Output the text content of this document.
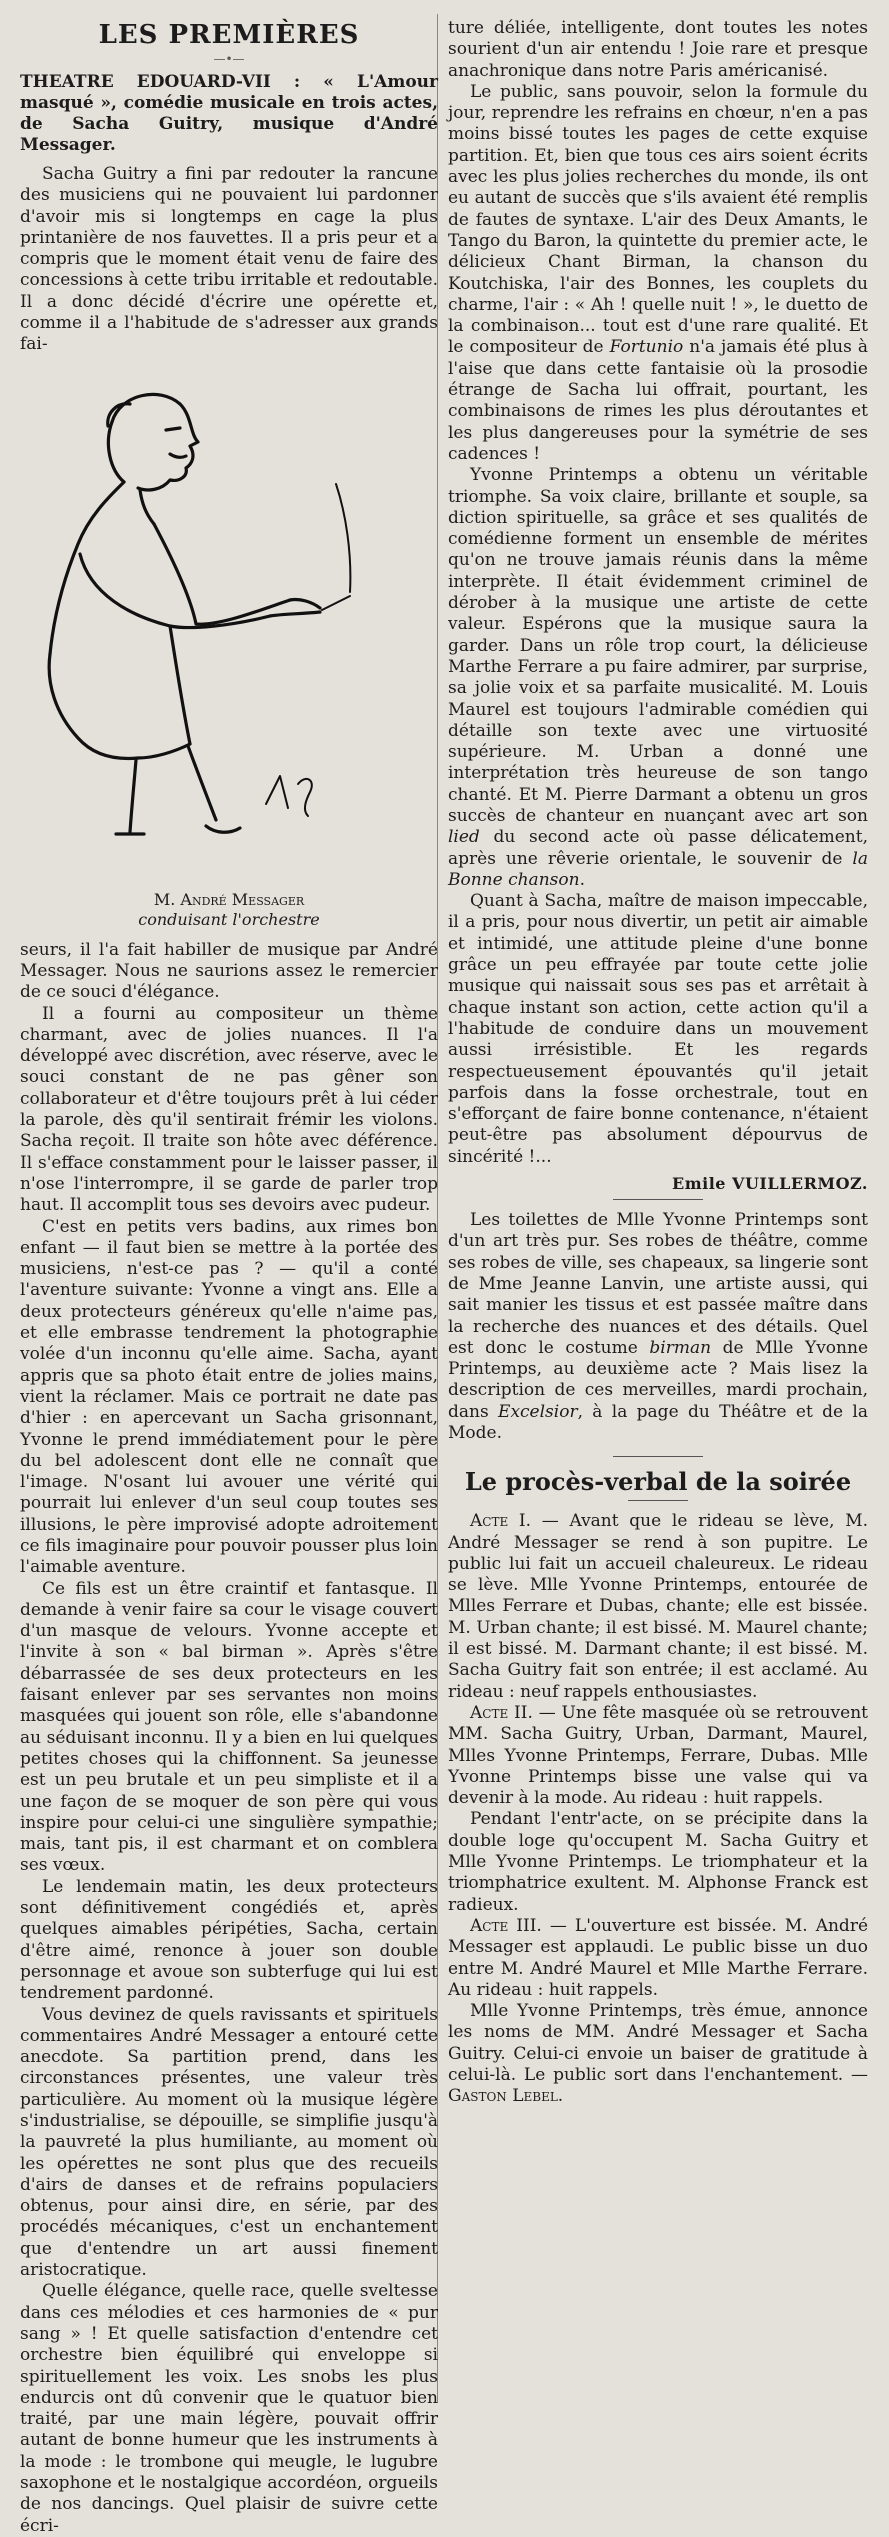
LES PREMIÈRES
—•—

THEATRE EDOUARD-VII : « L'Amour masqué », comédie musicale en trois actes, de Sacha Guitry, musique d'André Messager.

Sacha Guitry a fini par redouter la rancune des musiciens qui ne pouvaient lui pardonner d'avoir mis si longtemps en cage la plus printanière de nos fauvettes. Il a pris peur et a compris que le moment était venu de faire des concessions à cette tribu irritable et redoutable. Il a donc décidé d'écrire une opérette et, comme il a l'habitude de s'adresser aux grands fai-

M. André Messager
conduisant l'orchestre

seurs, il l'a fait habiller de musique par André Messager. Nous ne saurions assez le remercier de ce souci d'élégance.

Il a fourni au compositeur un thème charmant, avec de jolies nuances. Il l'a développé avec discrétion, avec réserve, avec le souci constant de ne pas gêner son collaborateur et d'être toujours prêt à lui céder la parole, dès qu'il sentirait frémir les violons. Sacha reçoit. Il traite son hôte avec déférence. Il s'efface constamment pour le laisser passer, il n'ose l'interrompre, il se garde de parler trop haut. Il accomplit tous ses devoirs avec pudeur.

C'est en petits vers badins, aux rimes bon enfant — il faut bien se mettre à la portée des musiciens, n'est-ce pas ? — qu'il a conté l'aventure suivante: Yvonne a vingt ans. Elle a deux protecteurs généreux qu'elle n'aime pas, et elle embrasse tendrement la photographie volée d'un inconnu qu'elle aime. Sacha, ayant appris que sa photo était entre de jolies mains, vient la réclamer. Mais ce portrait ne date pas d'hier : en apercevant un Sacha grisonnant, Yvonne le prend immédiatement pour le père du bel adolescent dont elle ne connaît que l'image. N'osant lui avouer une vérité qui pourrait lui enlever d'un seul coup toutes ses illusions, le père improvisé adopte adroitement ce fils imaginaire pour pouvoir pousser plus loin l'aimable aventure.

Ce fils est un être craintif et fantasque. Il demande à venir faire sa cour le visage couvert d'un masque de velours. Yvonne accepte et l'invite à son « bal birman ». Après s'être débarrassée de ses deux protecteurs en les faisant enlever par ses servantes non moins masquées qui jouent son rôle, elle s'abandonne au séduisant inconnu. Il y a bien en lui quelques petites choses qui la chiffonnent. Sa jeunesse est un peu brutale et un peu simpliste et il a une façon de se moquer de son père qui vous inspire pour celui-ci une singulière sympathie; mais, tant pis, il est charmant et on comblera ses vœux.

Le lendemain matin, les deux protecteurs sont définitivement congédiés et, après quelques aimables péripéties, Sacha, certain d'être aimé, renonce à jouer son double personnage et avoue son subterfuge qui lui est tendrement pardonné.

Vous devinez de quels ravissants et spirituels commentaires André Messager a entouré cette anecdote. Sa partition prend, dans les circonstances présentes, une valeur très particulière. Au moment où la musique légère s'industrialise, se dépouille, se simplifie jusqu'à la pauvreté la plus humiliante, au moment où les opérettes ne sont plus que des recueils d'airs de danses et de refrains populaciers obtenus, pour ainsi dire, en série, par des procédés mécaniques, c'est un enchantement que d'entendre un art aussi finement aristocratique.

Quelle élégance, quelle race, quelle sveltesse dans ces mélodies et ces harmonies de « pur sang » ! Et quelle satisfaction d'entendre cet orchestre bien équilibré qui enveloppe si spirituellement les voix. Les snobs les plus endurcis ont dû convenir que le quatuor bien traité, par une main légère, pouvait offrir autant de bonne humeur que les instruments à la mode : le trombone qui meugle, le lugubre saxophone et le nostalgique accordéon, orgueils de nos dancings. Quel plaisir de suivre cette écri-

ture déliée, intelligente, dont toutes les notes sourient d'un air entendu ! Joie rare et presque anachronique dans notre Paris américanisé.

Le public, sans pouvoir, selon la formule du jour, reprendre les refrains en chœur, n'en a pas moins bissé toutes les pages de cette exquise partition. Et, bien que tous ces airs soient écrits avec les plus jolies recherches du monde, ils ont eu autant de succès que s'ils avaient été remplis de fautes de syntaxe. L'air des Deux Amants, le Tango du Baron, la quintette du premier acte, le délicieux Chant Birman, la chanson du Koutchiska, l'air des Bonnes, les couplets du charme, l'air : « Ah ! quelle nuit ! », le duetto de la combinaison... tout est d'une rare qualité. Et le compositeur de Fortunio n'a jamais été plus à l'aise que dans cette fantaisie où la prosodie étrange de Sacha lui offrait, pourtant, les combinaisons de rimes les plus déroutantes et les plus dangereuses pour la symétrie de ses cadences !

Yvonne Printemps a obtenu un véritable triomphe. Sa voix claire, brillante et souple, sa diction spirituelle, sa grâce et ses qualités de comédienne forment un ensemble de mérites qu'on ne trouve jamais réunis dans la même interprète. Il était évidemment criminel de dérober à la musique une artiste de cette valeur. Espérons que la musique saura la garder. Dans un rôle trop court, la délicieuse Marthe Ferrare a pu faire admirer, par surprise, sa jolie voix et sa parfaite musicalité. M. Louis Maurel est toujours l'admirable comédien qui détaille son texte avec une virtuosité supérieure. M. Urban a donné une interprétation très heureuse de son tango chanté. Et M. Pierre Darmant a obtenu un gros succès de chanteur en nuançant avec art son lied du second acte où passe délicatement, après une rêverie orientale, le souvenir de la Bonne chanson.

Quant à Sacha, maître de maison impeccable, il a pris, pour nous divertir, un petit air aimable et intimidé, une attitude pleine d'une bonne grâce un peu effrayée par toute cette jolie musique qui naissait sous ses pas et arrêtait à chaque instant son action, cette action qu'il a l'habitude de conduire dans un mouvement aussi irrésistible. Et les regards respectueusement épouvantés qu'il jetait parfois dans la fosse orchestrale, tout en s'efforçant de faire bonne contenance, n'étaient peut-être pas absolument dépourvus de sincérité !...

Emile VUILLERMOZ.

Les toilettes de Mlle Yvonne Printemps sont d'un art très pur. Ses robes de théâtre, comme ses robes de ville, ses chapeaux, sa lingerie sont de Mme Jeanne Lanvin, une artiste aussi, qui sait manier les tissus et est passée maître dans la recherche des nuances et des détails. Quel est donc le costume birman de Mlle Yvonne Printemps, au deuxième acte ? Mais lisez la description de ces merveilles, mardi prochain, dans Excelsior, à la page du Théâtre et de la Mode.

Le procès-verbal de la soirée

Acte I. — Avant que le rideau se lève, M. André Messager se rend à son pupitre. Le public lui fait un accueil chaleureux. Le rideau se lève. Mlle Yvonne Printemps, entourée de Mlles Ferrare et Dubas, chante; elle est bissée. M. Urban chante; il est bissé. M. Maurel chante; il est bissé. M. Darmant chante; il est bissé. M. Sacha Guitry fait son entrée; il est acclamé. Au rideau : neuf rappels enthousiastes.

Acte II. — Une fête masquée où se retrouvent MM. Sacha Guitry, Urban, Darmant, Maurel, Mlles Yvonne Printemps, Ferrare, Dubas. Mlle Yvonne Printemps bisse une valse qui va devenir à la mode. Au rideau : huit rappels.

Pendant l'entr'acte, on se précipite dans la double loge qu'occupent M. Sacha Guitry et Mlle Yvonne Printemps. Le triomphateur et la triomphatrice exultent. M. Alphonse Franck est radieux.

Acte III. — L'ouverture est bissée. M. André Messager est applaudi. Le public bisse un duo entre M. André Maurel et Mlle Marthe Ferrare. Au rideau : huit rappels.

Mlle Yvonne Printemps, très émue, annonce les noms de MM. André Messager et Sacha Guitry. Celui-ci envoie un baiser de gratitude à celui-là. Le public sort dans l'enchantement. — Gaston Lebel.
